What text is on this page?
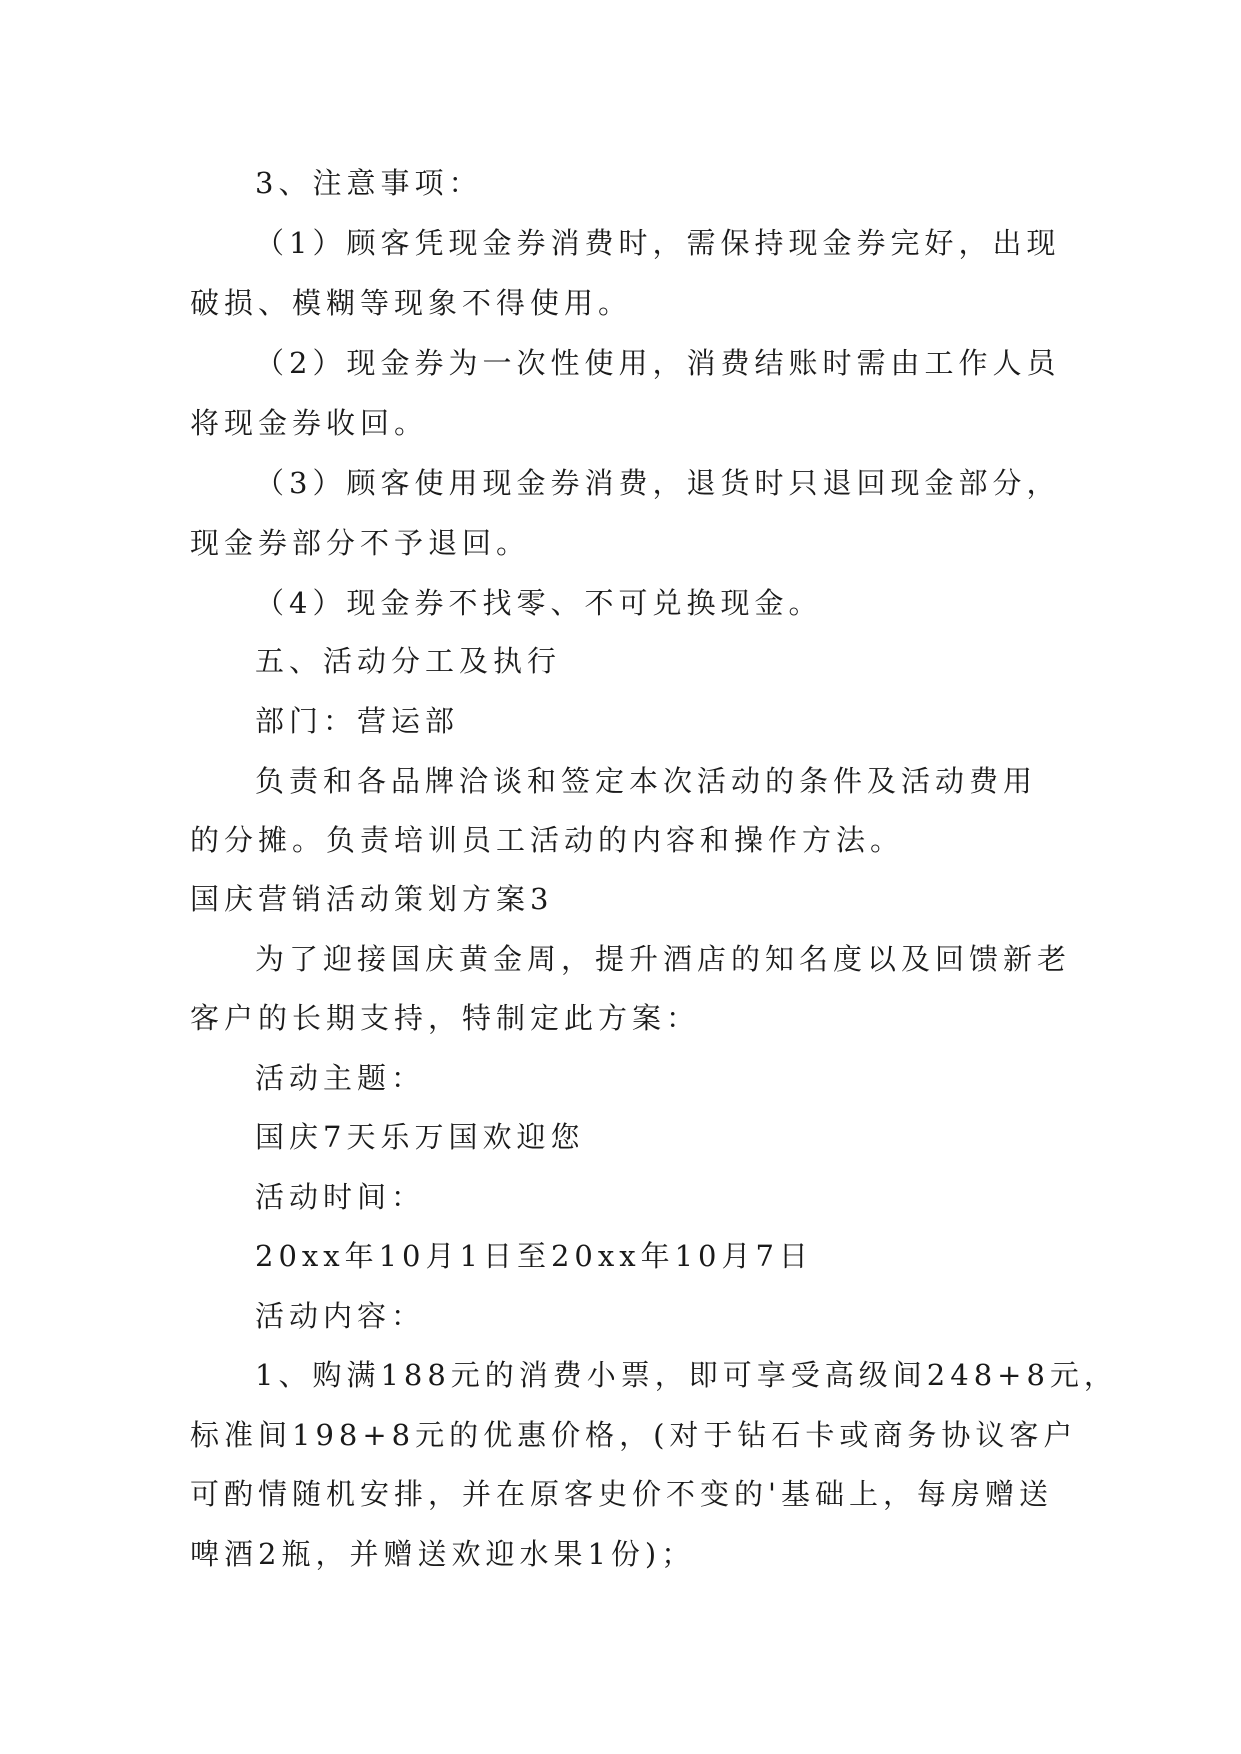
3、注意事项：
（1）顾客凭现金券消费时，需保持现金券完好，出现
破损、模糊等现象不得使用。
（2）现金券为一次性使用，消费结账时需由工作人员
将现金券收回。
（3）顾客使用现金券消费，退货时只退回现金部分，
现金券部分不予退回。
（4）现金券不找零、不可兑换现金。
五、活动分工及执行
部门：营运部
负责和各品牌洽谈和签定本次活动的条件及活动费用
的分摊。负责培训员工活动的内容和操作方法。
国庆营销活动策划方案3
为了迎接国庆黄金周，提升酒店的知名度以及回馈新老
客户的长期支持，特制定此方案：
活动主题：
国庆7天乐万国欢迎您
活动时间：
20xx年10月1日至20xx年10月7日
活动内容：
1、购满188元的消费小票，即可享受高级间248+8元，
标准间198+8元的优惠价格，(对于钻石卡或商务协议客户
可酌情随机安排，并在原客史价不变的'基础上，每房赠送
啤酒2瓶，并赠送欢迎水果1份)；
